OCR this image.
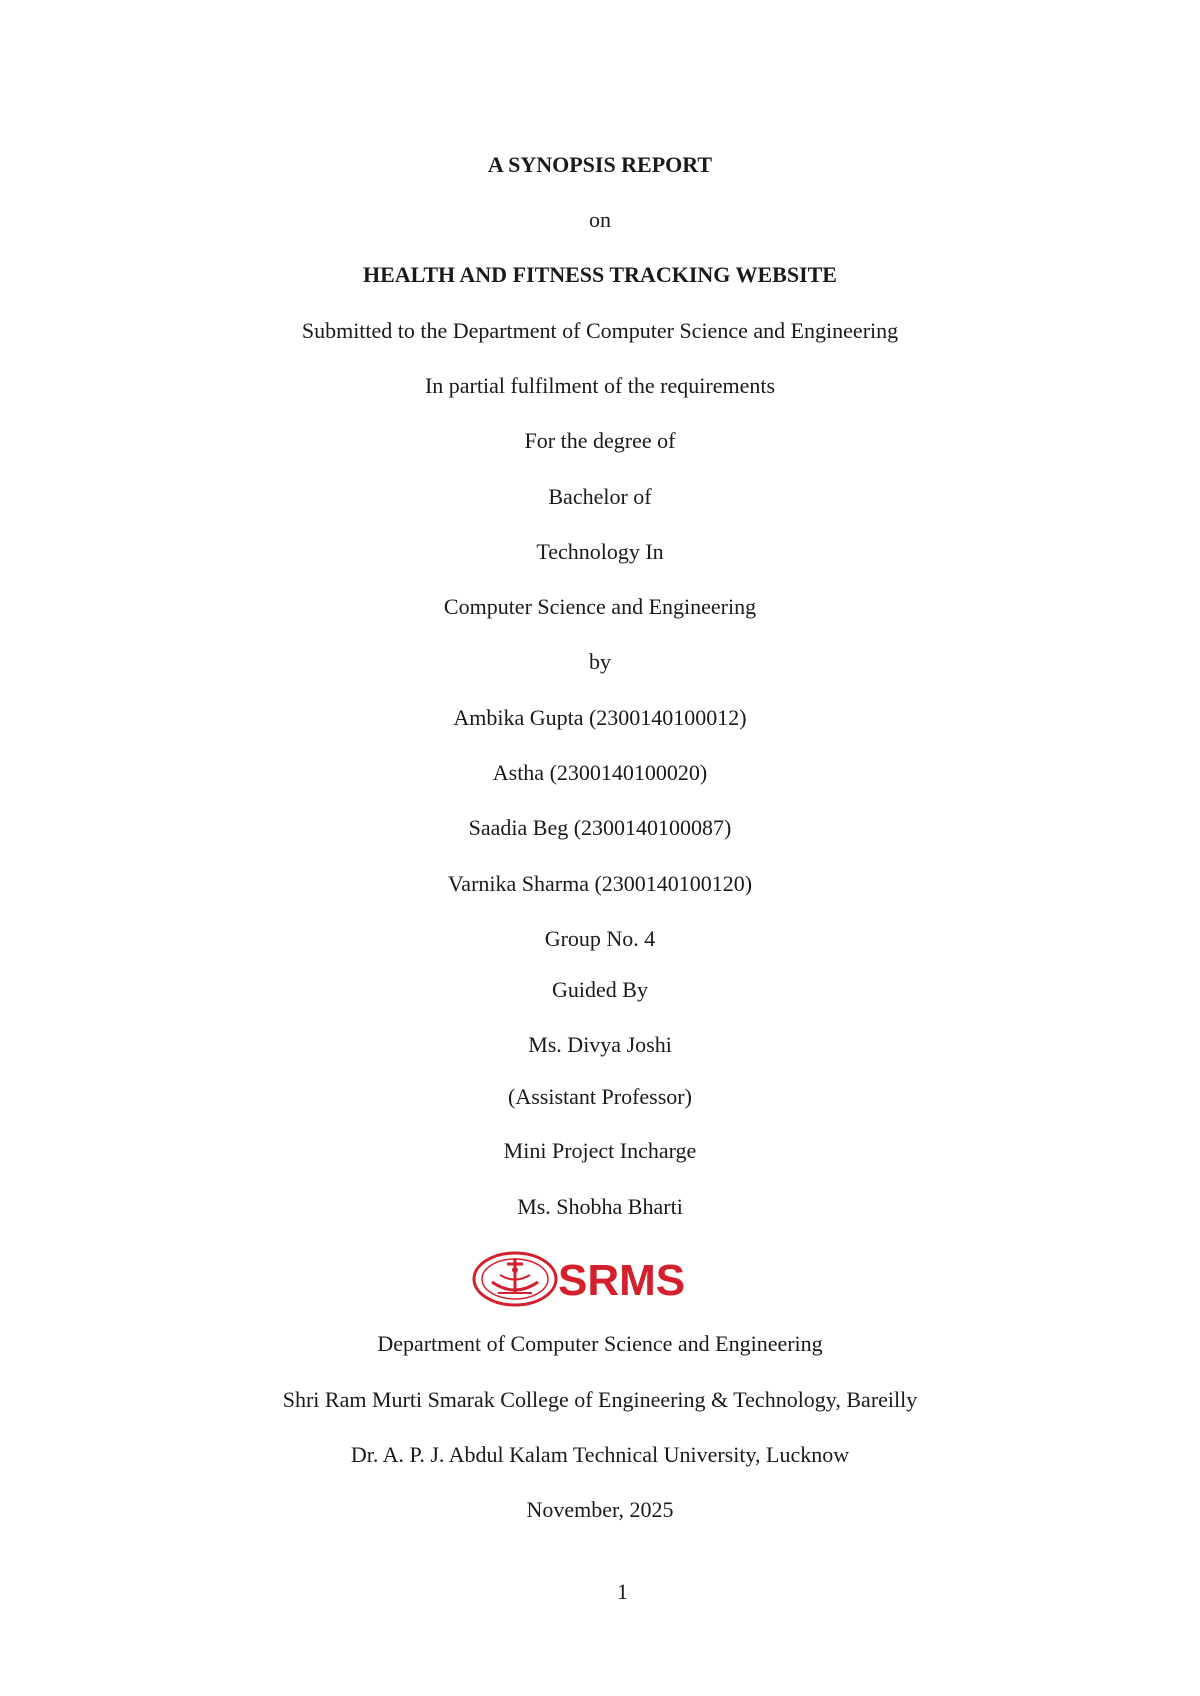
A SYNOPSIS REPORT
on
HEALTH AND FITNESS TRACKING WEBSITE
Submitted to the Department of Computer Science and Engineering
In partial fulfilment of the requirements
For the degree of
Bachelor of
Technology In
Computer Science and Engineering
by
Ambika Gupta (2300140100012)
Astha (2300140100020)
Saadia Beg (2300140100087)
Varnika Sharma (2300140100120)
Group No. 4
Guided By
Ms. Divya Joshi
(Assistant Professor)
Mini Project Incharge
Ms. Shobha Bharti
SRMS
Department of Computer Science and Engineering
Shri Ram Murti Smarak College of Engineering & Technology, Bareilly
Dr. A. P. J. Abdul Kalam Technical University, Lucknow
November, 2025
1
